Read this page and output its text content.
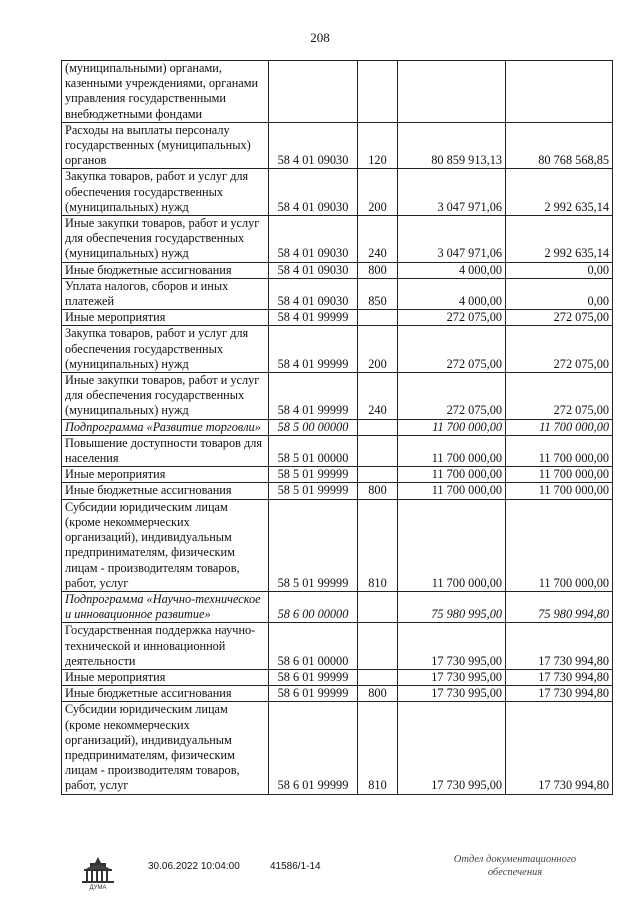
208
(муниципальными) органами, казенными учреждениями, органами управления государственными внебюджетными фондами				
Расходы на выплаты персоналу государственных (муниципальных) органов	58 4 01 09030	120	80 859 913,13	80 768 568,85
Закупка товаров, работ и услуг для обеспечения государственных (муниципальных) нужд	58 4 01 09030	200	3 047 971,06	2 992 635,14
Иные закупки товаров, работ и услуг для обеспечения государственных (муниципальных) нужд	58 4 01 09030	240	3 047 971,06	2 992 635,14
Иные бюджетные ассигнования	58 4 01 09030	800	4 000,00	0,00
Уплата налогов, сборов и иных платежей	58 4 01 09030	850	4 000,00	0,00
Иные мероприятия	58 4 01 99999		272 075,00	272 075,00
Закупка товаров, работ и услуг для обеспечения государственных (муниципальных) нужд	58 4 01 99999	200	272 075,00	272 075,00
Иные закупки товаров, работ и услуг для обеспечения государственных (муниципальных) нужд	58 4 01 99999	240	272 075,00	272 075,00
Подпрограмма «Развитие торговли»	58 5 00 00000		11 700 000,00	11 700 000,00
Повышение доступности товаров для населения	58 5 01 00000		11 700 000,00	11 700 000,00
Иные мероприятия	58 5 01 99999		11 700 000,00	11 700 000,00
Иные бюджетные ассигнования	58 5 01 99999	800	11 700 000,00	11 700 000,00
Субсидии юридическим лицам (кроме некоммерческих организаций), индивидуальным предпринимателям, физическим лицам - производителям товаров, работ, услуг	58 5 01 99999	810	11 700 000,00	11 700 000,00
Подпрограмма «Научно-техническое и инновационное развитие»	58 6 00 00000		75 980 995,00	75 980 994,80
Государственная поддержка научно-технической и инновационной деятельности	58 6 01 00000		17 730 995,00	17 730 994,80
Иные мероприятия	58 6 01 99999		17 730 995,00	17 730 994,80
Иные бюджетные ассигнования	58 6 01 99999	800	17 730 995,00	17 730 994,80
Субсидии юридическим лицам (кроме некоммерческих организаций), индивидуальным предпринимателям, физическим лицам - производителям товаров, работ, услуг	58 6 01 99999	810	17 730 995,00	17 730 994,80
ДУМА
30.06.2022 10:04:00	41586/1-14
Отдел документационного
обеспечения
